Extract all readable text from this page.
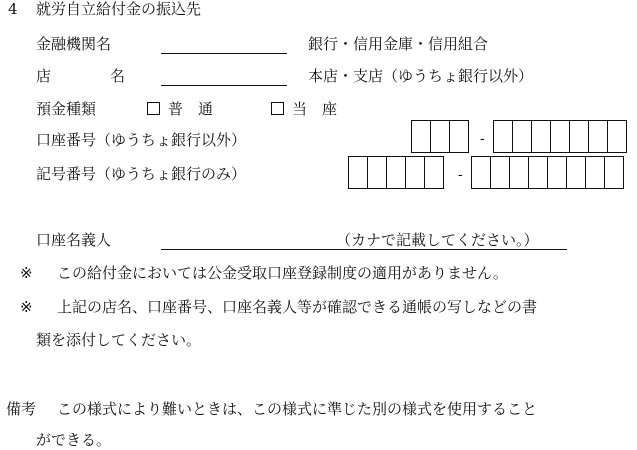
4 就労自立給付金の振込先
金融機関名	銀行・信用金庫・信用組合
店	名	本店・支店（ゆうちょ銀行以外）
預金種類	普　通	当　座
口座番号（ゆうちょ銀行以外）	-
記号番号（ゆうちょ銀行のみ）	-
口座名義人	（カナで記載してください。）
※ この給付金においては公金受取口座登録制度の適用がありません。
※ 上記の店名、口座番号、口座名義人等が確認できる通帳の写しなどの書
類を添付してください。
備考 この様式により難いときは、この様式に準じた別の様式を使用すること
ができる。
